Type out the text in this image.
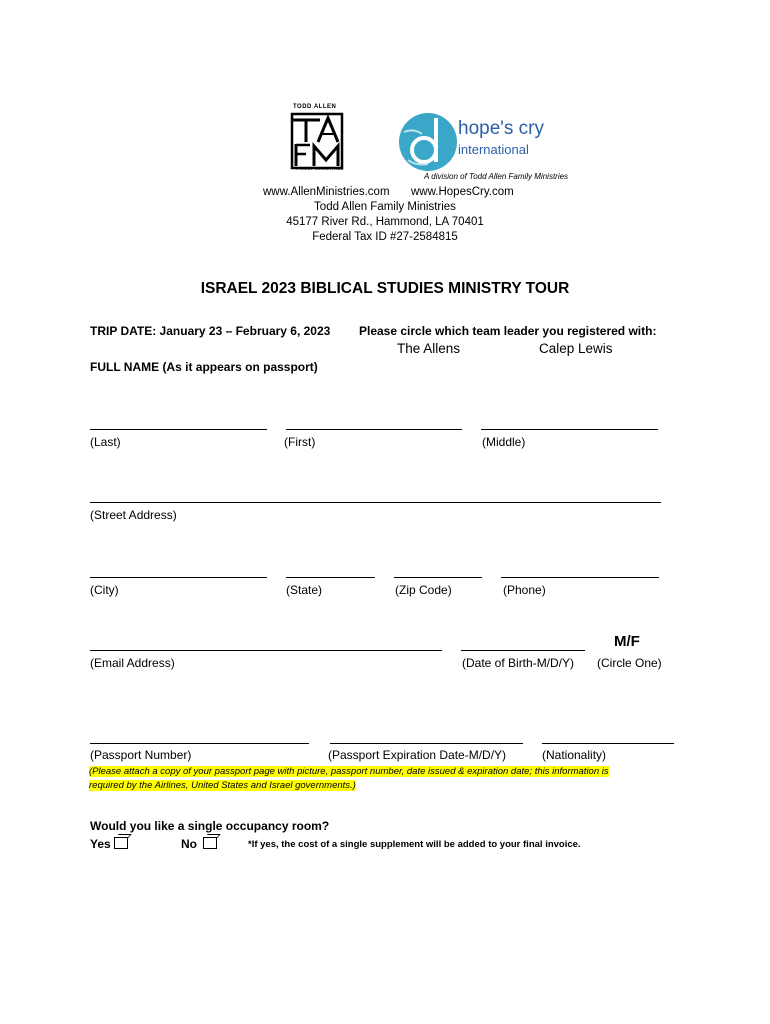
TODD ALLEN
FAMILY MINISTRIES
hope's cry
international
A division of Todd Allen Family Ministries
www.AllenMinistries.com www.HopesCry.com
Todd Allen Family Ministries
45177 River Rd., Hammond, LA 70401
Federal Tax ID #27-2584815
ISRAEL 2023 BIBLICAL STUDIES MINISTRY TOUR
TRIP DATE: January 23 – February 6, 2023 Please circle which team leader you registered with:
The Allens	Calep Lewis
FULL NAME (As it appears on passport)
(Last)	(First)	(Middle)
(Street Address)
(City)	(State)	(Zip Code)	(Phone)
M/F
(Email Address)	(Date of Birth-M/D/Y) (Circle One)
(Passport Number)	(Passport Expiration Date-M/D/Y)	(Nationality)
(Please attach a copy of your passport page with picture, passport number, date issued & expiration date; this information is
required by the Airlines, United States and Israel governments.)
Would you like a single occupancy room?
Yes	No	*If yes, the cost of a single supplement will be added to your final invoice.
